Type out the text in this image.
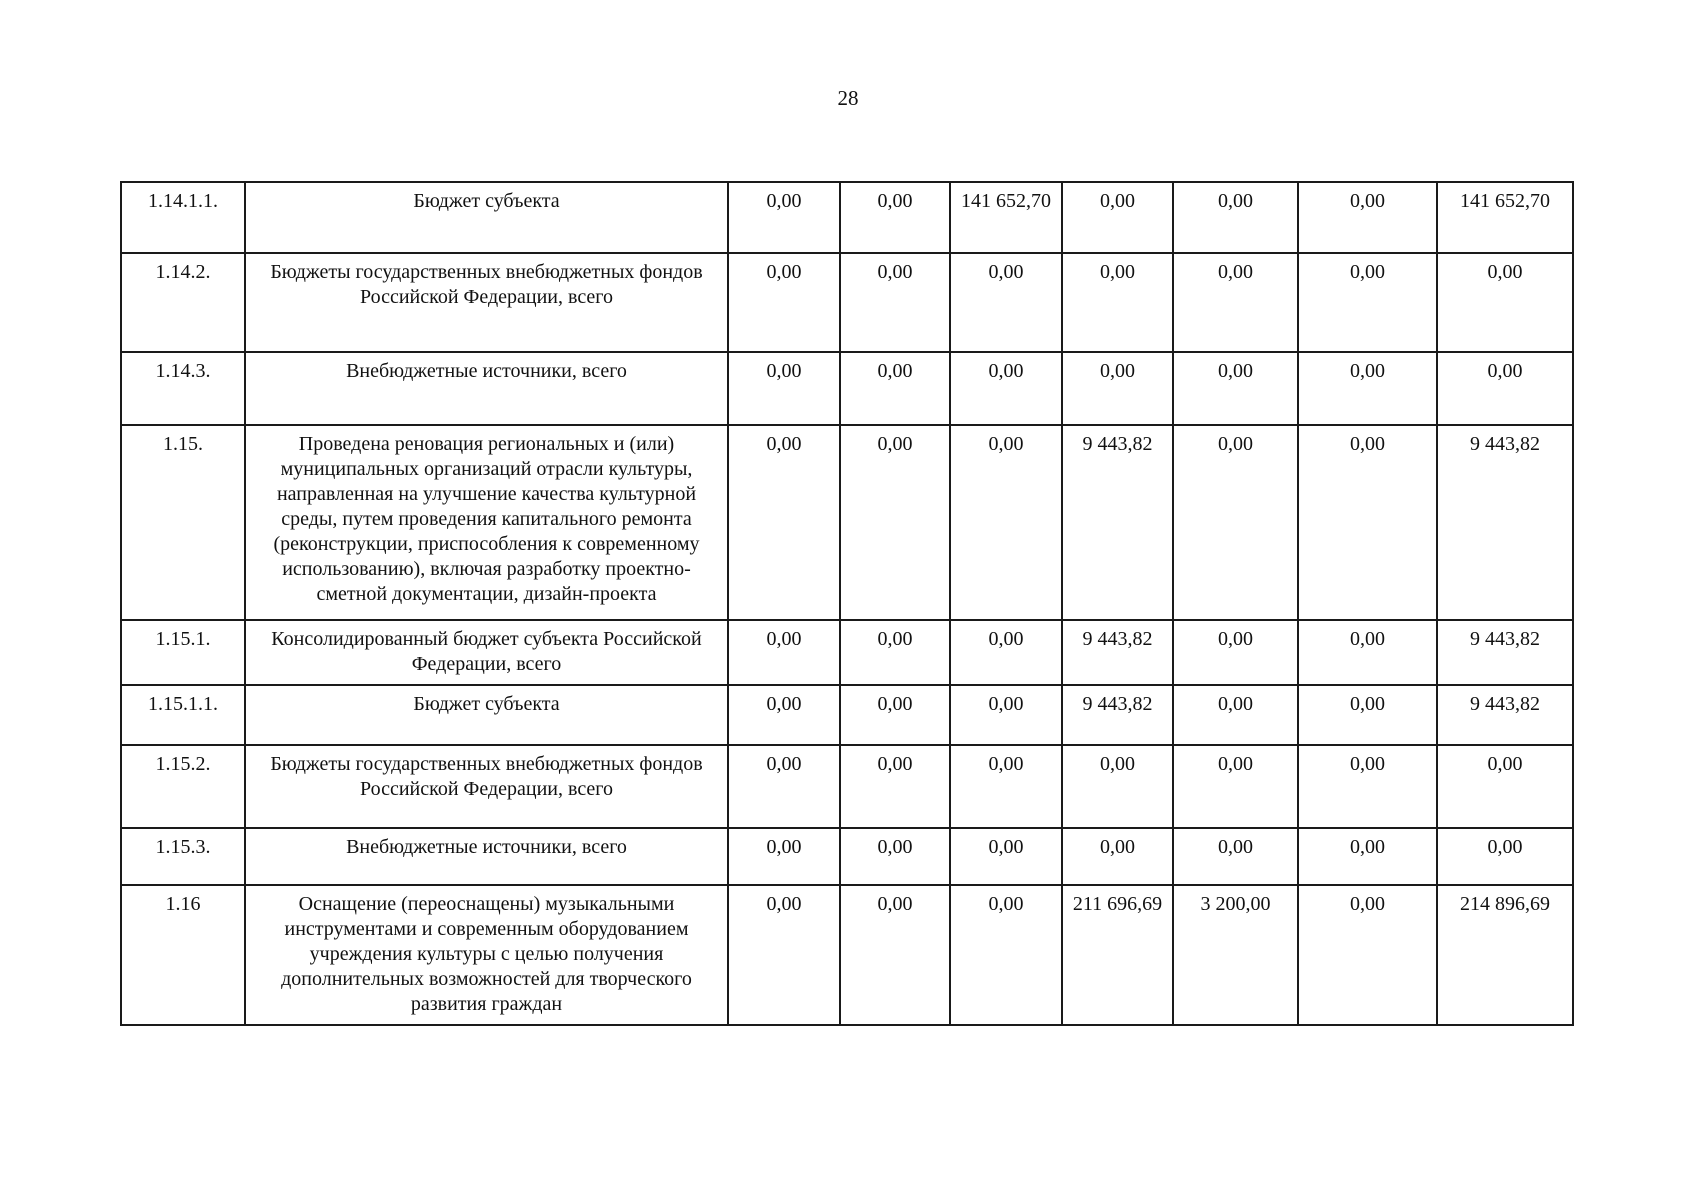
28
1.14.1.1.	Бюджет субъекта	0,00	0,00	141 652,70	0,00	0,00	0,00	141 652,70
1.14.2.	Бюджеты государственных внебюджетных фондов Российской Федерации, всего	0,00	0,00	0,00	0,00	0,00	0,00	0,00
1.14.3.	Внебюджетные источники, всего	0,00	0,00	0,00	0,00	0,00	0,00	0,00
1.15.	Проведена реновация региональных и (или) муниципальных организаций отрасли культуры, направленная на улучшение качества культурной среды, путем проведения капитального ремонта (реконструкции, приспособления к современному использованию), включая разработку проектно-сметной документации, дизайн-проекта	0,00	0,00	0,00	9 443,82	0,00	0,00	9 443,82
1.15.1.	Консолидированный бюджет субъекта Российской Федерации, всего	0,00	0,00	0,00	9 443,82	0,00	0,00	9 443,82
1.15.1.1.	Бюджет субъекта	0,00	0,00	0,00	9 443,82	0,00	0,00	9 443,82
1.15.2.	Бюджеты государственных внебюджетных фондов Российской Федерации, всего	0,00	0,00	0,00	0,00	0,00	0,00	0,00
1.15.3.	Внебюджетные источники, всего	0,00	0,00	0,00	0,00	0,00	0,00	0,00
1.16	Оснащение (переоснащены) музыкальными инструментами и современным оборудованием учреждения культуры с целью получения дополнительных возможностей для творческого развития граждан	0,00	0,00	0,00	211 696,69	3 200,00	0,00	214 896,69
